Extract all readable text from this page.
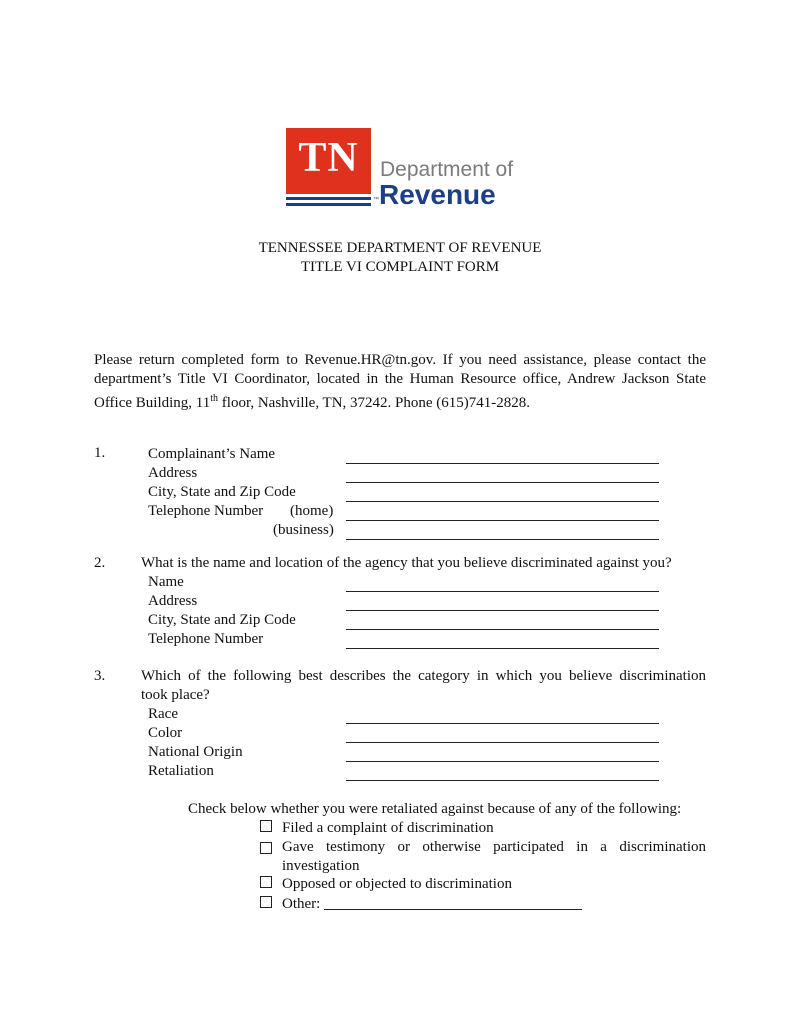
TN	Department of
Revenue
™
TENNESSEE DEPARTMENT OF REVENUE
TITLE VI COMPLAINT FORM
Please return completed form to Revenue.HR@tn.gov. If you need assistance, please contact the
department’s Title VI Coordinator, located in the Human Resource office, Andrew Jackson State
Office Building, 11th floor, Nashville, TN, 37242. Phone (615)741-2828.
1.	Complainant’s Name
Address
City, State and Zip Code
Telephone Number (home)
(business)
2. What is the name and location of the agency that you believe discriminated against you?
Name
Address
City, State and Zip Code
Telephone Number
3. Which of the following best describes the category in which you believe discrimination
took place?
Race
Color
National Origin
Retaliation
Check below whether you were retaliated against because of any of the following:
Filed a complaint of discrimination
Gave testimony or otherwise participated in a discrimination
investigation
Opposed or objected to discrimination
Other:
